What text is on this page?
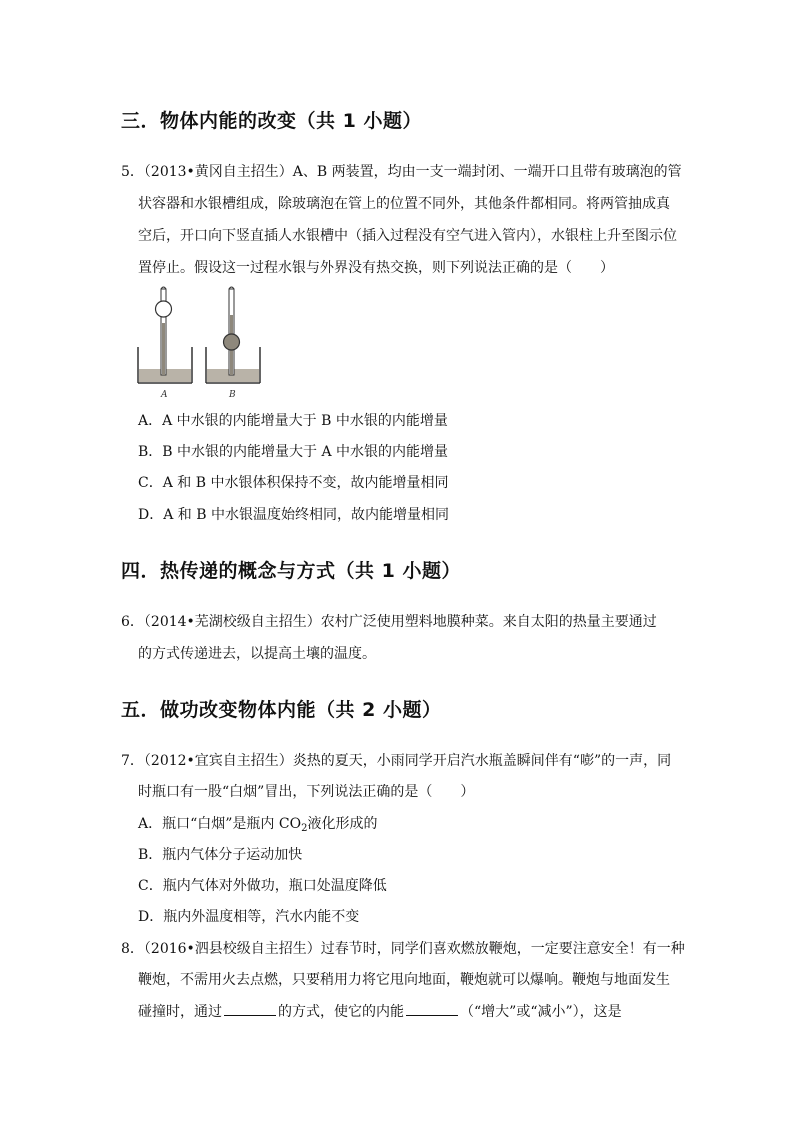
三．物体内能的改变（共 1 小题）
5．（2013•黄冈自主招生）A、B 两装置，均由一支一端封闭、一端开口且带有玻璃泡的管
状容器和水银槽组成，除玻璃泡在管上的位置不同外，其他条件都相同。将两管抽成真
空后，开口向下竖直插人水银槽中（插入过程没有空气进入管内），水银柱上升至图示位
置停止。假设这一过程水银与外界没有热交换，则下列说法正确的是（　　）
A	B
A．A 中水银的内能增量大于 B 中水银的内能增量
B．B 中水银的内能增量大于 A 中水银的内能增量
C．A 和 B 中水银体积保持不变，故内能增量相同
D．A 和 B 中水银温度始终相同，故内能增量相同
四．热传递的概念与方式（共 1 小题）
6．（2014•芜湖校级自主招生）农村广泛使用塑料地膜种菜。来自太阳的热量主要通过
的方式传递进去，以提高土壤的温度。
五．做功改变物体内能（共 2 小题）
7．（2012•宜宾自主招生）炎热的夏天，小雨同学开启汽水瓶盖瞬间伴有“嘭”的一声，同
时瓶口有一股“白烟”冒出，下列说法正确的是（　　）
A．瓶口“白烟”是瓶内 $CO_2$液化形成的
B．瓶内气体分子运动加快
C．瓶内气体对外做功，瓶口处温度降低
D．瓶内外温度相等，汽水内能不变
8．（2016•泗县校级自主招生）过春节时，同学们喜欢燃放鞭炮，一定要注意安全！有一种
鞭炮，不需用火去点燃，只要稍用力将它甩向地面，鞭炮就可以爆响。鞭炮与地面发生
碰撞时，通过	的方式，使它的内能	（“增大”或“减小”），这是
